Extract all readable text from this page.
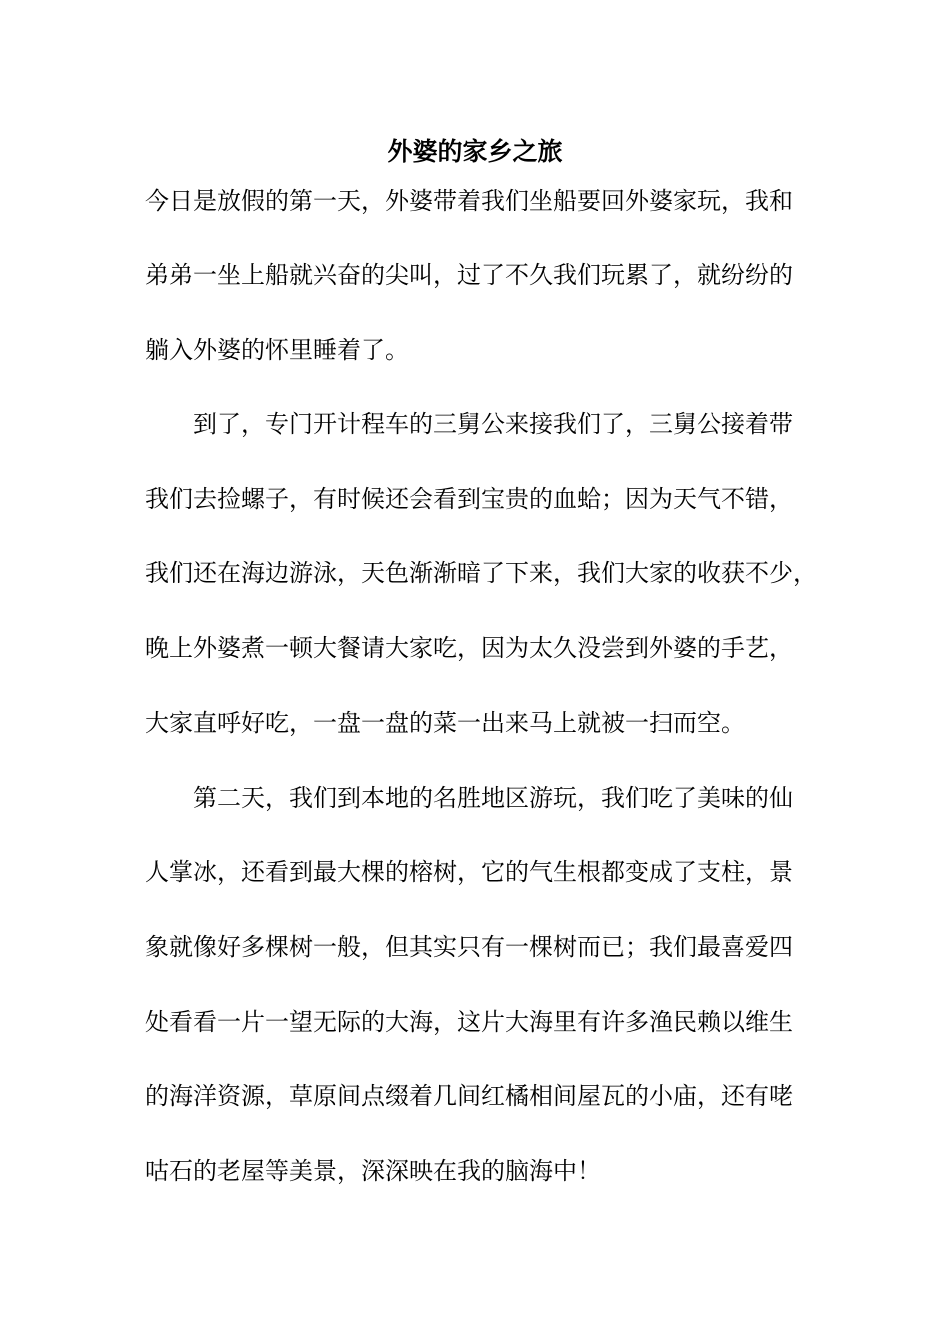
外婆的家乡之旅

今日是放假的第一天，外婆带着我们坐船要回外婆家玩，我和

弟弟一坐上船就兴奋的尖叫，过了不久我们玩累了，就纷纷的

躺入外婆的怀里睡着了。

　　到了，专门开计程车的三舅公来接我们了，三舅公接着带

我们去捡螺子，有时候还会看到宝贵的血蛤；因为天气不错，

我们还在海边游泳，天色渐渐暗了下来，我们大家的收获不少，

晚上外婆煮一顿大餐请大家吃，因为太久没尝到外婆的手艺，

大家直呼好吃，一盘一盘的菜一出来马上就被一扫而空。

　　第二天，我们到本地的名胜地区游玩，我们吃了美味的仙

人掌冰，还看到最大棵的榕树，它的气生根都变成了支柱，景

象就像好多棵树一般，但其实只有一棵树而已；我们最喜爱四

处看看一片一望无际的大海，这片大海里有许多渔民赖以维生

的海洋资源，草原间点缀着几间红橘相间屋瓦的小庙，还有咾

咕石的老屋等美景，深深映在我的脑海中！
